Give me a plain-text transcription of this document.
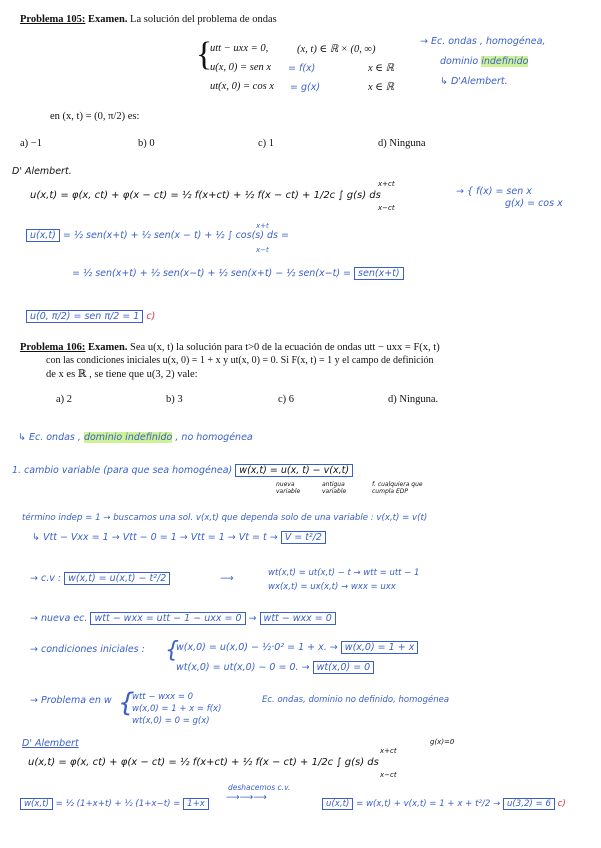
Problema 105: Examen. La solución del problema de ondas
{
utt − uxx = 0,	(x, t) ∈ ℝ × (0, ∞)
u(x, 0) = sen x = f(x)	x ∈ ℝ
ut(x, 0) = cos x = g(x)	x ∈ ℝ
→ Ec. ondas , homogénea,
dominio indefinido
↳ D'Alembert.
en (x, t) = (0, π/2) es:
a) −1	b) 0	c) 1	d) Ninguna
D' Alembert.
u(x,t) = φ(x, ct) + φ(x − ct) = ½ f(x+ct) + ½ f(x − ct) + 1/2c ∫ g(s) ds
x+ct
x−ct
→ { f(x) = sen x
g(x) = cos x
u(x,t) = ½ sen(x+t) + ½ sen(x − t) + ½ ∫ cos(s) ds =
x+t
x−t
= ½ sen(x+t) + ½ sen(x−t) + ½ sen(x+t) − ½ sen(x−t) = sen(x+t)
u(0, π/2) = sen π/2 = 1 c)
Problema 106: Examen. Sea u(x, t) la solución para t>0 de la ecuación de ondas utt − uxx = F(x, t)
con las condiciones iniciales u(x, 0) = 1 + x y ut(x, 0) = 0. Si F(x, t) = 1 y el campo de definición
de x es ℝ , se tiene que u(3, 2) vale:
a) 2	b) 3	c) 6	d) Ninguna.
↳ Ec. ondas , dominio indefinido , no homogénea
1. cambio variable (para que sea homogénea) w(x,t) = u(x, t) − v(x,t)
nueva variable
antigua variable
f. cualquiera que cumpla EDP
término indep = 1 → buscamos una sol. v(x,t) que dependa solo de una variable : v(x,t) = v(t)
↳ Vtt − Vxx = 1 → Vtt − 0 = 1 → Vtt = 1 → Vt = t → V = t²/2
→ c.v : w(x,t) = u(x,t) − t²/2	⟶	wt(x,t) = ut(x,t) − t → wtt = utt − 1
wx(x,t) = ux(x,t) → wxx = uxx
→ nueva ec. wtt − wxx = utt − 1 − uxx = 0 → wtt − wxx = 0
→ condiciones iniciales : {
w(x,0) = u(x,0) − ½·0² = 1 + x. → w(x,0) = 1 + x
wt(x,0) = ut(x,0) − 0 = 0. → wt(x,0) = 0
→ Problema en w {
wtt − wxx = 0
w(x,0) = 1 + x = f(x)
wt(x,0) = 0 = g(x)
Ec. ondas, dominio no definido, homogénea
D' Alembert
u(x,t) = φ(x, ct) + φ(x − ct) = ½ f(x+ct) + ½ f(x − ct) + 1/2c ∫ g(s) ds
x+ct
x−ct
g(x)=0
deshacemos c.v.
⟶⟶⟶
w(x,t) = ½ (1+x+t) + ½ (1+x−t) = 1+x	u(x,t) = w(x,t) + v(x,t) = 1 + x + t²/2 → u(3,2) = 6 c)
